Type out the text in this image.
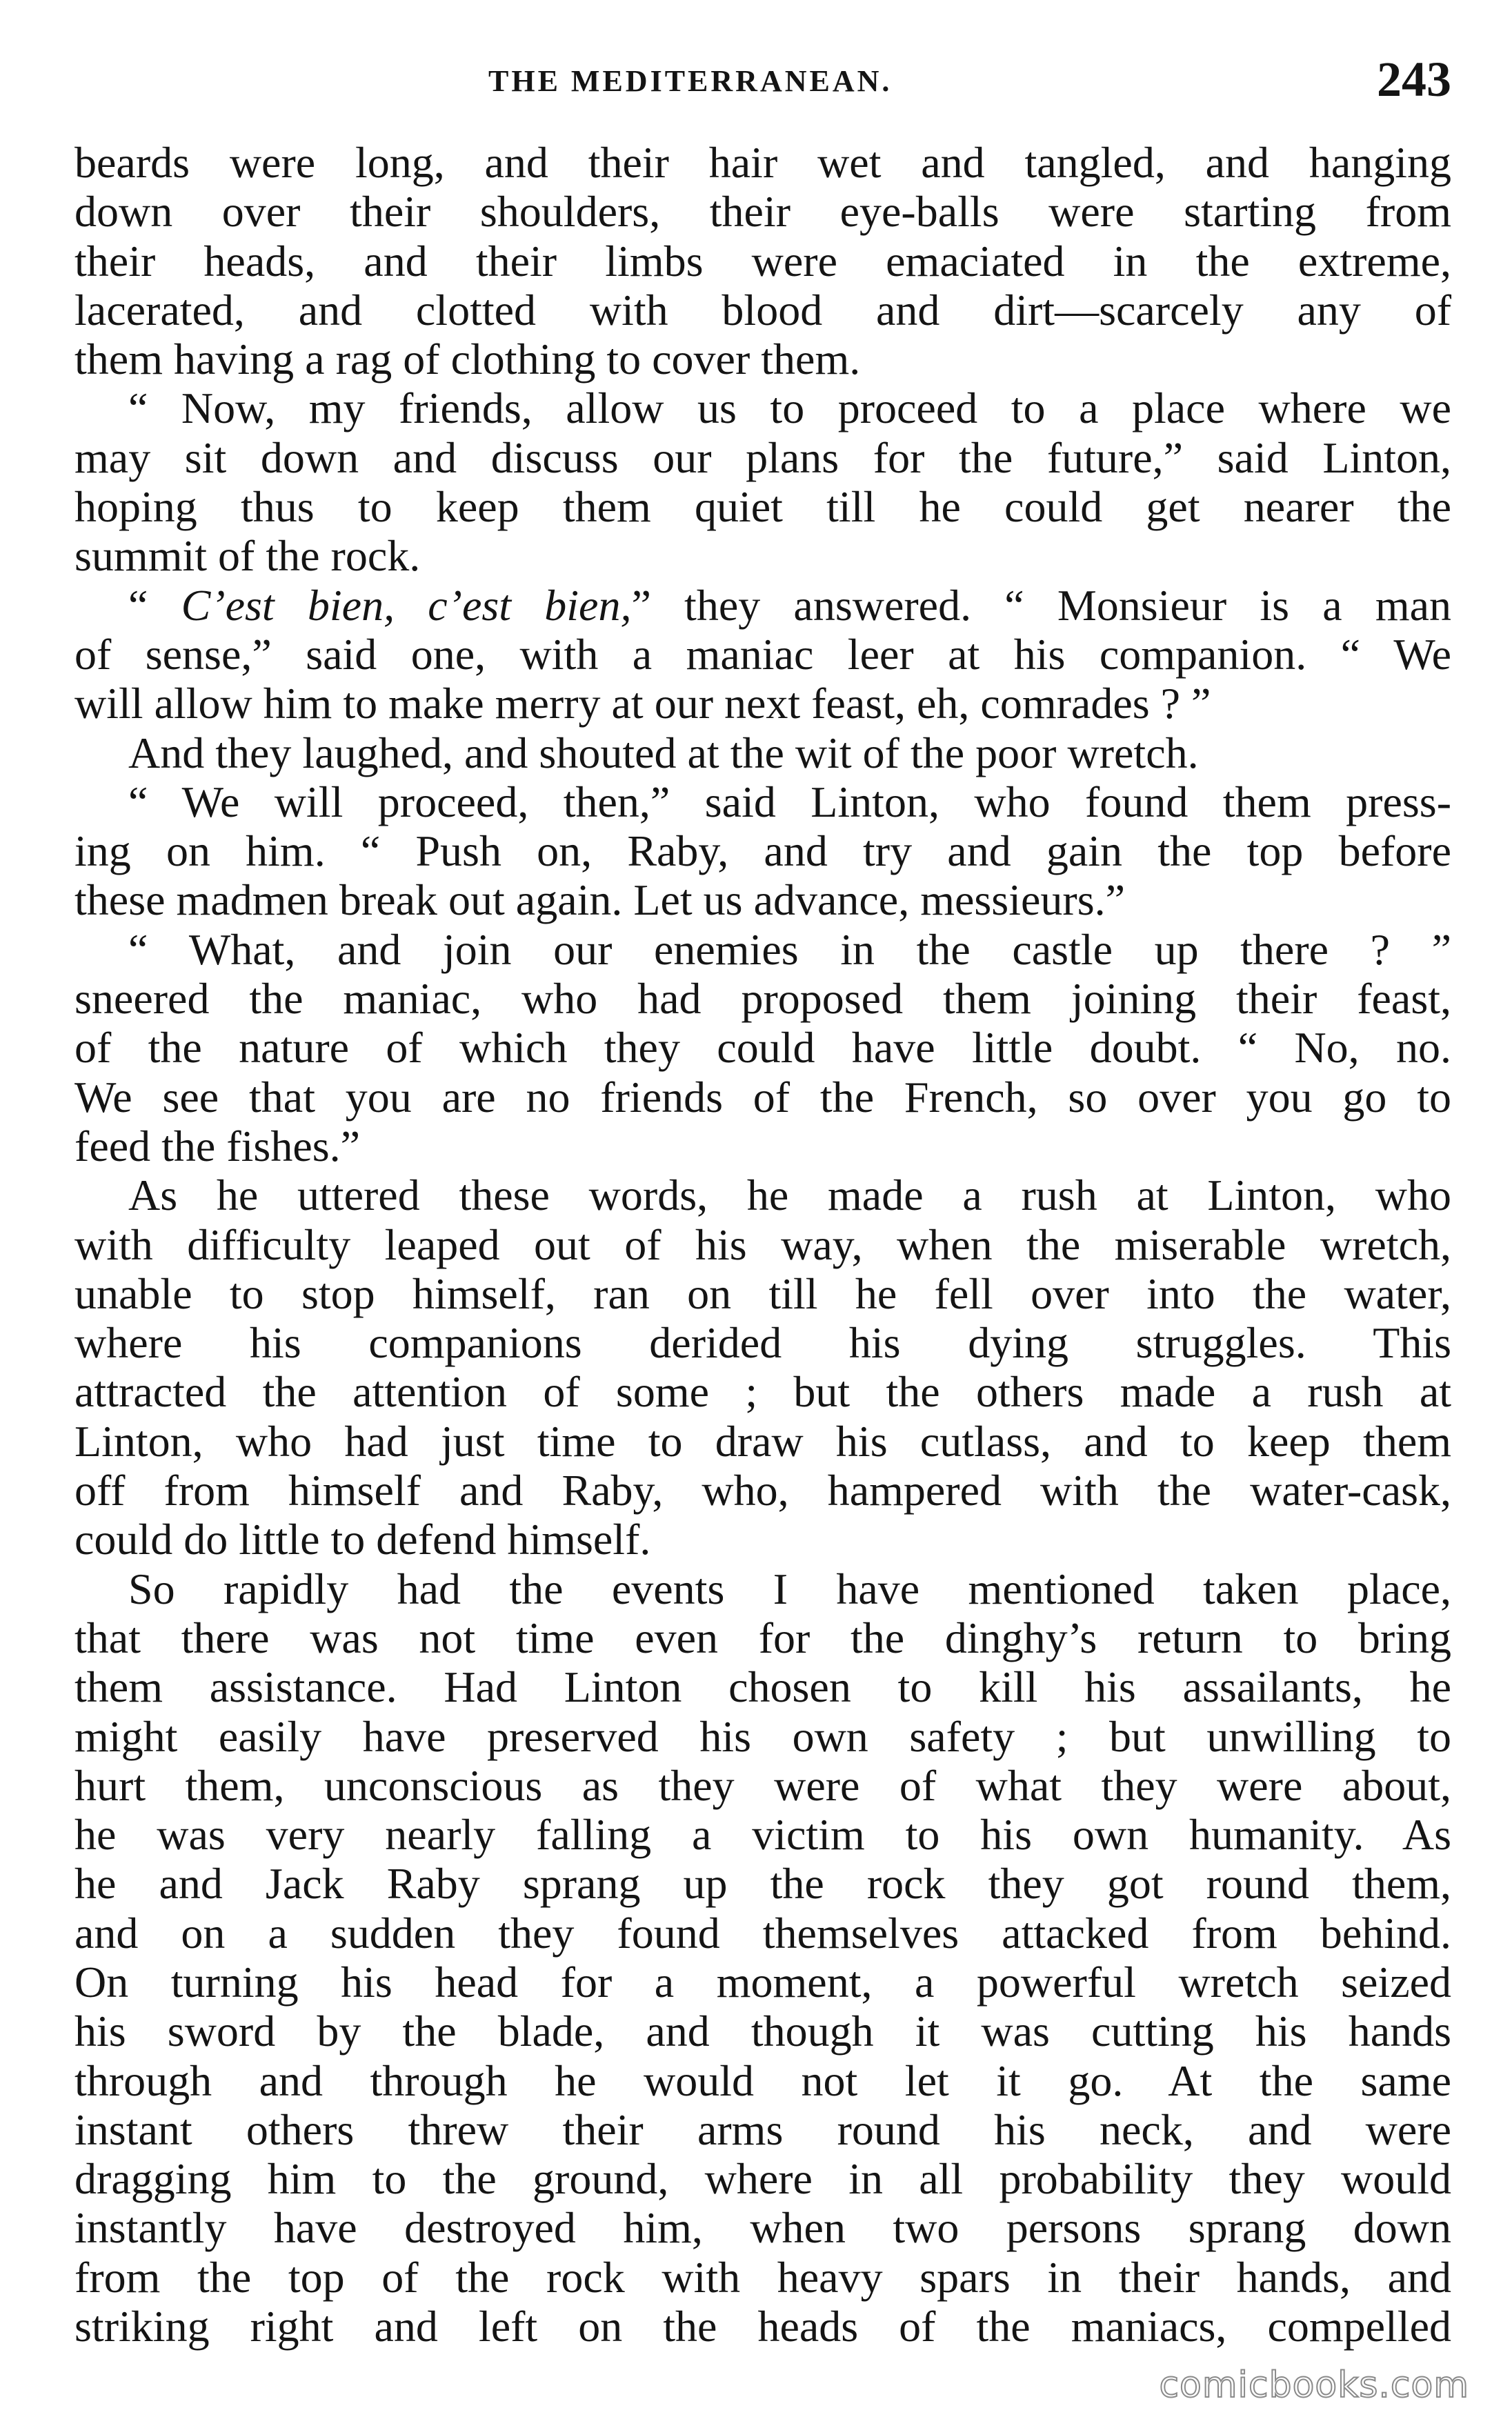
THE MEDITERRANEAN.	243
beards were long, and their hair wet and tangled, and hanging
down over their shoulders, their eye-balls were starting from
their heads, and their limbs were emaciated in the extreme,
lacerated, and clotted with blood and dirt—scarcely any of
them having a rag of clothing to cover them.
“ Now, my friends, allow us to proceed to a place where we
may sit down and discuss our plans for the future,” said Linton,
hoping thus to keep them quiet till he could get nearer the
summit of the rock.
“ C’est bien, c’est bien,” they answered. “ Monsieur is a man
of sense,” said one, with a maniac leer at his companion. “ We
will allow him to make merry at our next feast, eh, comrades ? ”
And they laughed, and shouted at the wit of the poor wretch.
“ We will proceed, then,” said Linton, who found them press-
ing on him. “ Push on, Raby, and try and gain the top before
these madmen break out again. Let us advance, messieurs.”
“ What, and join our enemies in the castle up there ? ”
sneered the maniac, who had proposed them joining their feast,
of the nature of which they could have little doubt. “ No, no.
We see that you are no friends of the French, so over you go to
feed the fishes.”
As he uttered these words, he made a rush at Linton, who
with difficulty leaped out of his way, when the miserable wretch,
unable to stop himself, ran on till he fell over into the water,
where his companions derided his dying struggles. This
attracted the attention of some ; but the others made a rush at
Linton, who had just time to draw his cutlass, and to keep them
off from himself and Raby, who, hampered with the water-cask,
could do little to defend himself.
So rapidly had the events I have mentioned taken place,
that there was not time even for the dinghy’s return to bring
them assistance. Had Linton chosen to kill his assailants, he
might easily have preserved his own safety ; but unwilling to
hurt them, unconscious as they were of what they were about,
he was very nearly falling a victim to his own humanity. As
he and Jack Raby sprang up the rock they got round them,
and on a sudden they found themselves attacked from behind.
On turning his head for a moment, a powerful wretch seized
his sword by the blade, and though it was cutting his hands
through and through he would not let it go. At the same
instant others threw their arms round his neck, and were
dragging him to the ground, where in all probability they would
instantly have destroyed him, when two persons sprang down
from the top of the rock with heavy spars in their hands, and
striking right and left on the heads of the maniacs, compelled
comicbooks.com
